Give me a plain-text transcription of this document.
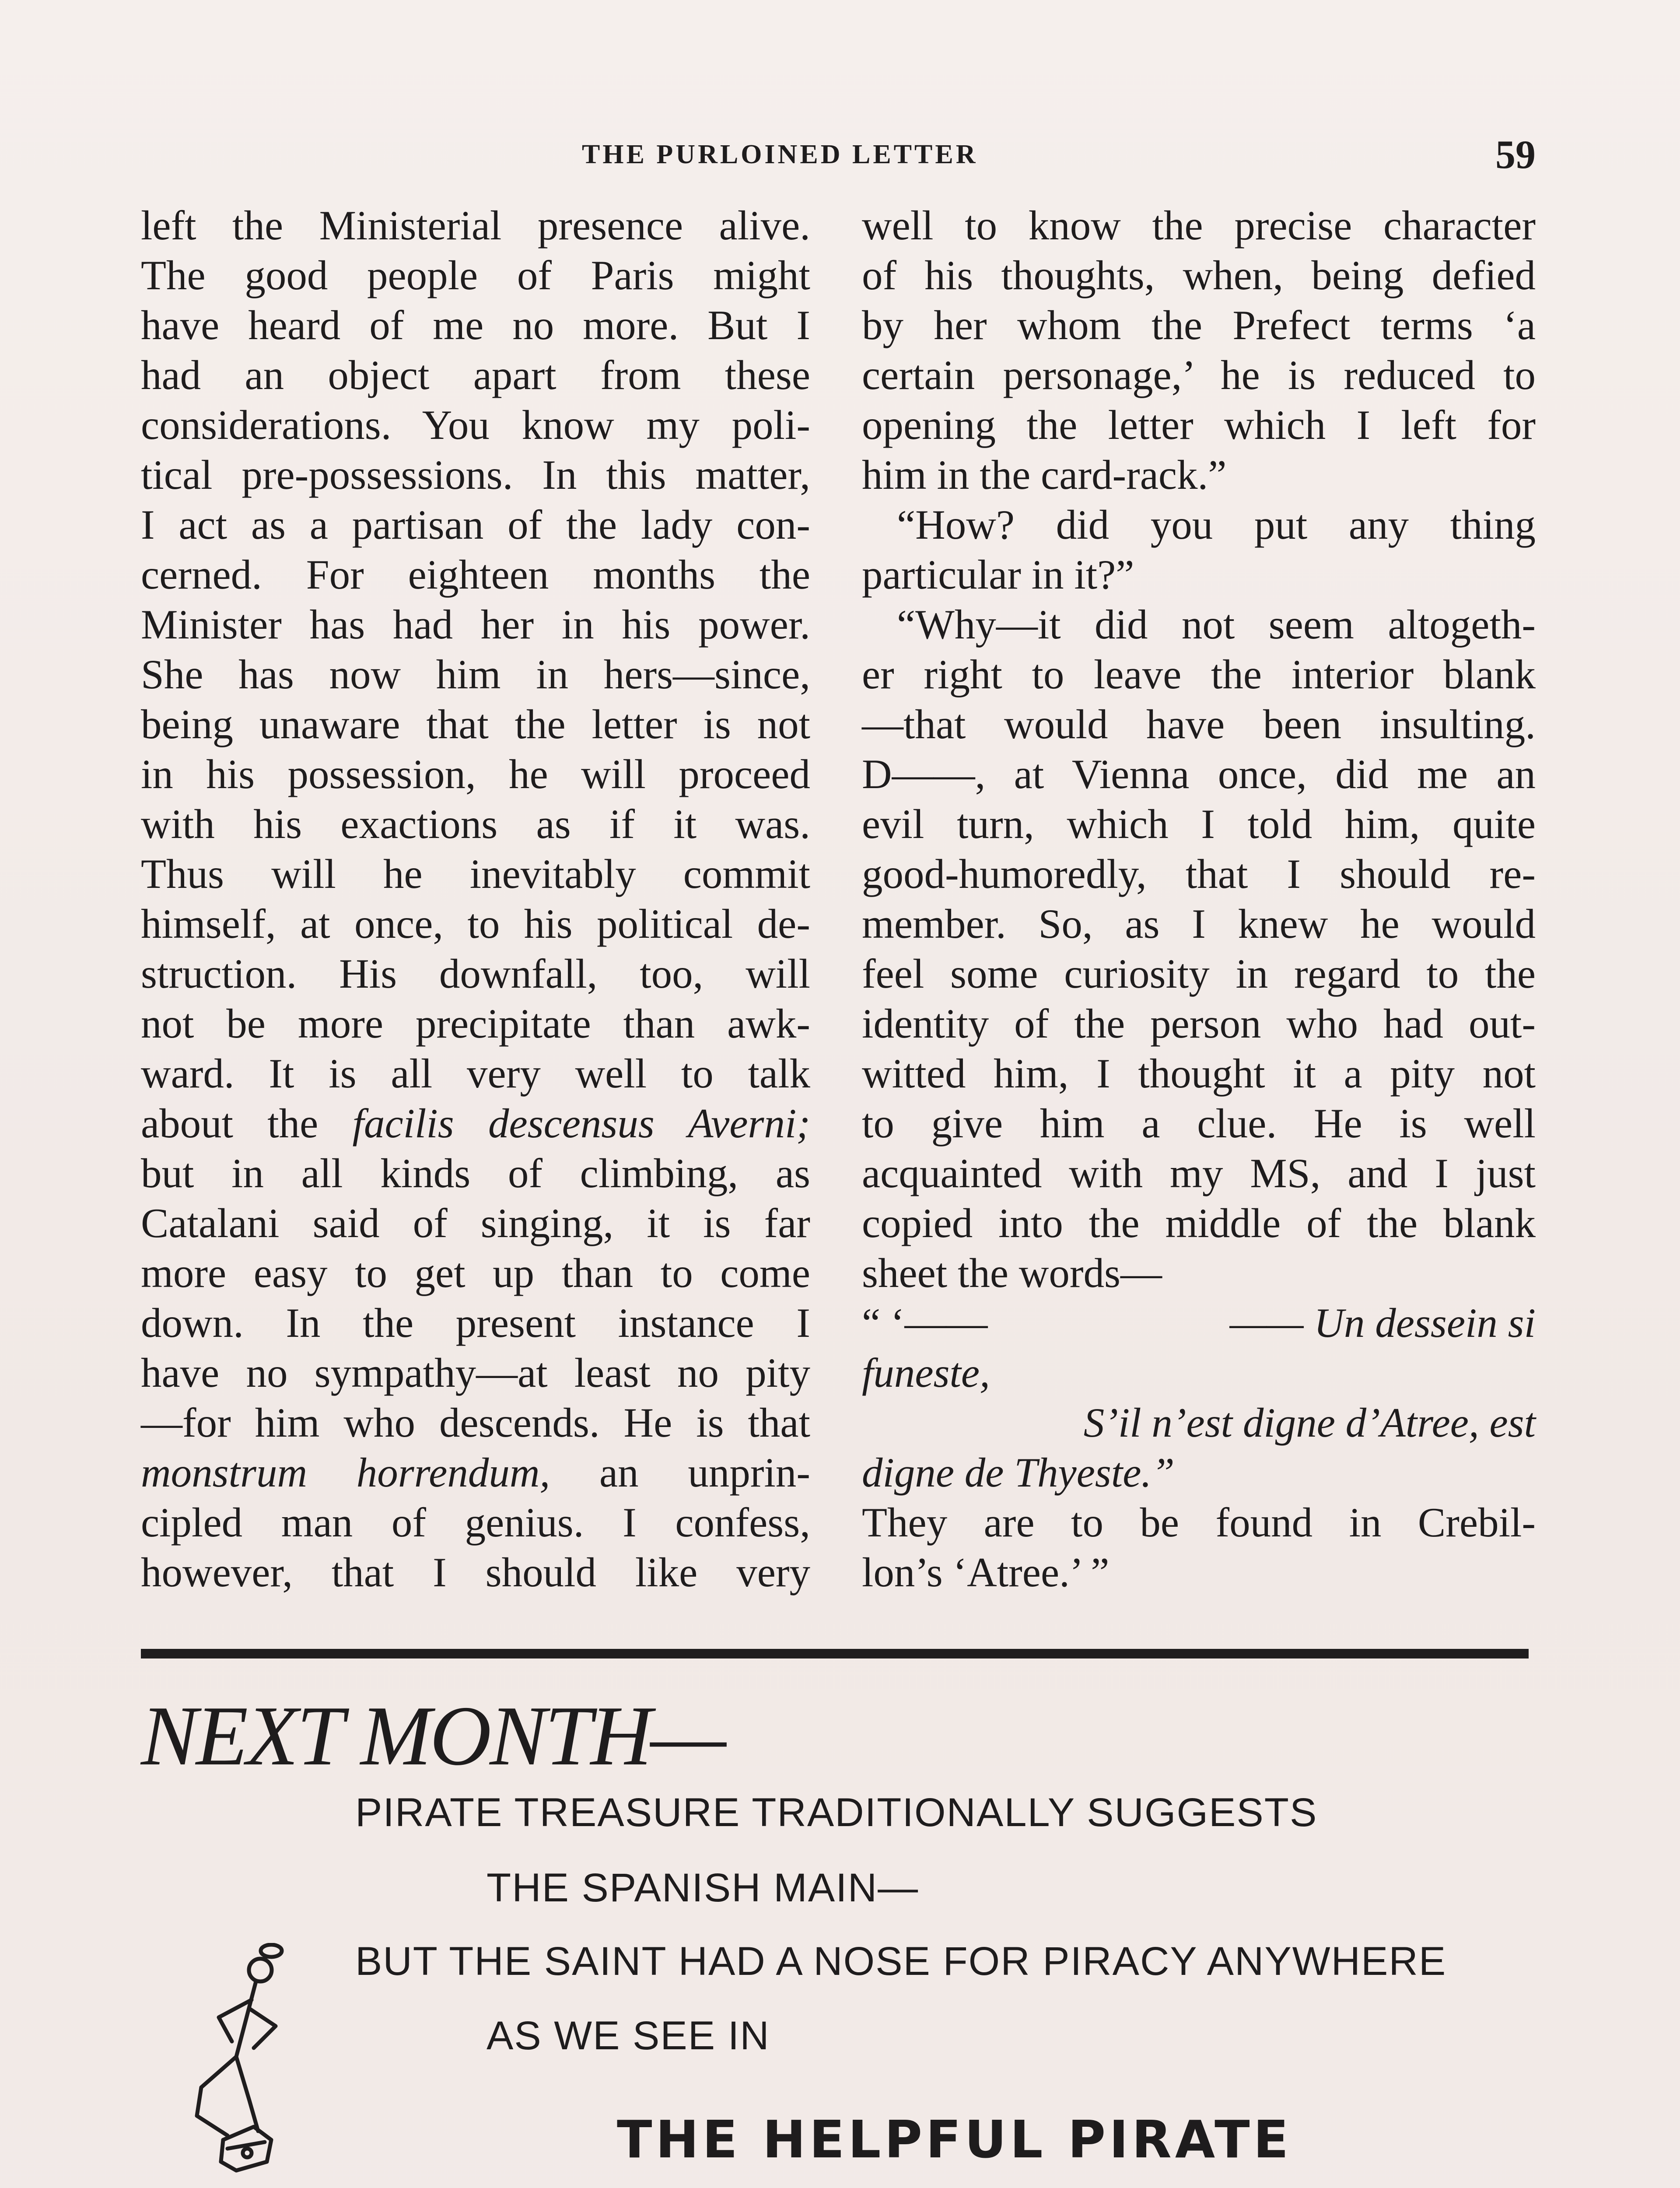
THE PURLOINED LETTER	59
left the Ministerial presence alive.
The good people of Paris might
have heard of me no more. But I
had an object apart from these
considerations. You know my poli-
tical pre-possessions. In this matter,
I act as a partisan of the lady con-
cerned. For eighteen months the
Minister has had her in his power.
She has now him in hers—since,
being unaware that the letter is not
in his possession, he will proceed
with his exactions as if it was.
Thus will he inevitably commit
himself, at once, to his political de-
struction. His downfall, too, will
not be more precipitate than awk-
ward. It is all very well to talk
about the facilis descensus Averni;
but in all kinds of climbing, as
Catalani said of singing, it is far
more easy to get up than to come
down. In the present instance I
have no sympathy—at least no pity
—for him who descends. He is that
monstrum horrendum, an unprin-
cipled man of genius. I confess,
however, that I should like very
well to know the precise character
of his thoughts, when, being defied
by her whom the Prefect terms ‘a
certain personage,’ he is reduced to
opening the letter which I left for
him in the card-rack.”
“How? did you put any thing
particular in it?”
“Why—it did not seem altogeth-
er right to leave the interior blank
—that would have been insulting.
D——, at Vienna once, did me an
evil turn, which I told him, quite
good-humoredly, that I should re-
member. So, as I knew he would
feel some curiosity in regard to the
identity of the person who had out-
witted him, I thought it a pity not
to give him a clue. He is well
acquainted with my MS, and I just
copied into the middle of the blank
sheet the words—
“ ‘——	—— Un dessein si
funeste,
S’il n’est digne d’Atree, est
digne de Thyeste.”
They are to be found in Crebil-
lon’s ‘Atree.’ ”
NEXT MONTH—
PIRATE TREASURE TRADITIONALLY SUGGESTS
THE SPANISH MAIN—
BUT THE SAINT HAD A NOSE FOR PIRACY ANYWHERE
AS WE SEE IN
THE HELPFUL PIRATE
